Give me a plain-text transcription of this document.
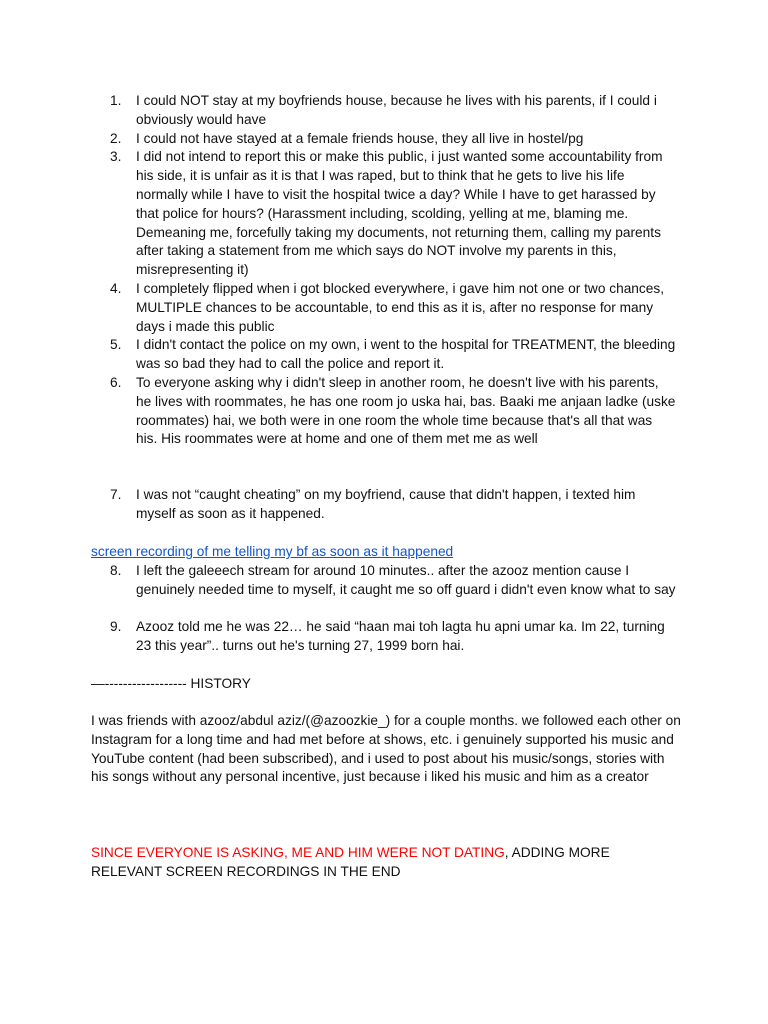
1.	I could NOT stay at my boyfriends house, because he lives with his parents, if I could i obviously would have
2.	I could not have stayed at a female friends house, they all live in hostel/pg
3.	I did not intend to report this or make this public, i just wanted some accountability from his side, it is unfair as it is that I was raped, but to think that he gets to live his life normally while I have to visit the hospital twice a day? While I have to get harassed by that police for hours? (Harassment including, scolding, yelling at me, blaming me. Demeaning me, forcefully taking my documents, not returning them, calling my parents after taking a statement from me which says do NOT involve my parents in this, misrepresenting it)
4.	I completely flipped when i got blocked everywhere, i gave him not one or two chances, MULTIPLE chances to be accountable, to end this as it is, after no response for many days i made this public
5.	I didn't contact the police on my own, i went to the hospital for TREATMENT, the bleeding was so bad they had to call the police and report it.
6.	To everyone asking why i didn't sleep in another room, he doesn't live with his parents, he lives with roommates, he has one room jo uska hai, bas. Baaki me anjaan ladke (uske roommates) hai, we both were in one room the whole time because that's all that was his. His roommates were at home and one of them met me as well
7.	I was not “caught cheating” on my boyfriend, cause that didn't happen, i texted him myself as soon as it happened.

screen recording of me telling my bf as soon as it happened

8.	I left the galeeech stream for around 10 minutes.. after the azooz mention cause I genuinely needed time to myself, it caught me so off guard i didn't even know what to say
9.	Azooz told me he was 22… he said “haan mai toh lagta hu apni umar ka. Im 22, turning 23 this year”.. turns out he's turning 27, 1999 born hai.

—------------------ HISTORY

I was friends with azooz/abdul aziz/(@azoozkie_) for a couple months. we followed each other on Instagram for a long time and had met before at shows, etc. i genuinely supported his music and YouTube content (had been subscribed), and i used to post about his music/songs, stories with his songs without any personal incentive, just because i liked his music and him as a creator

SINCE EVERYONE IS ASKING, ME AND HIM WERE NOT DATING, ADDING MORE RELEVANT SCREEN RECORDINGS IN THE END
